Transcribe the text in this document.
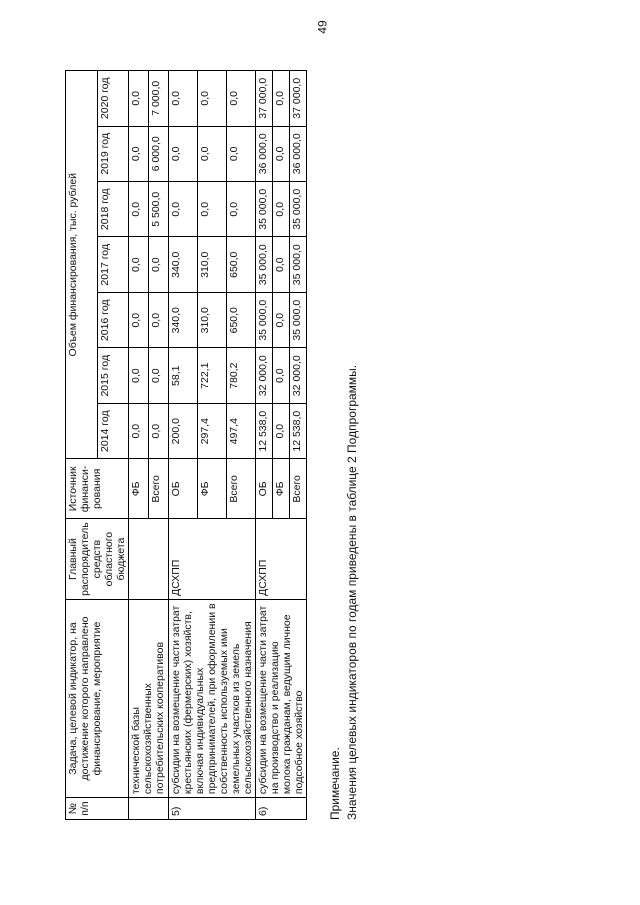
49
№ п/п	Задача, целевой индикатор, на достижение которого направлено финансирование, мероприятие	Главный распорядитель средств областного бюджета	Источник финанси- рования	Объем финансирования, тыс. рублей						
				2014 год	2015 год	2016 год	2017 год	2018 год	2019 год	2020 год
	технической базы сельскохозяйственных потребительских кооперативов		ФБ	0,0	0,0	0,0	0,0	0,0	0,0	0,0
			Всего	0,0	0,0	0,0	0,0	5 500,0	6 000,0	7 000,0
5)	субсидии на возмещение части затрат крестьянских (фермерских) хозяйств, включая индивидуальных предпринимателей, при оформлении в собственность используемых ими земельных участков из земель сельскохозяйственного назначения	ДСХПП	ОБ	200,0	58,1	340,0	340,0	0,0	0,0	0,0
			ФБ	297,4	722,1	310,0	310,0	0,0	0,0	0,0
			Всего	497,4	780,2	650,0	650,0	0,0	0,0	0,0
6)	субсидии на возмещение части затрат на производство и реализацию молока гражданам, ведущим личное подсобное хозяйство	ДСХПП	ОБ	12 538,0	32 000,0	35 000,0	35 000,0	35 000,0	36 000,0	37 000,0
			ФБ	0,0	0,0	0,0	0,0	0,0	0,0	0,0
			Всего	12 538,0	32 000,0	35 000,0	35 000,0	35 000,0	36 000,0	37 000,0
Примечание. Значения целевых индикаторов по годам приведены в таблице 2 Подпрограммы.
